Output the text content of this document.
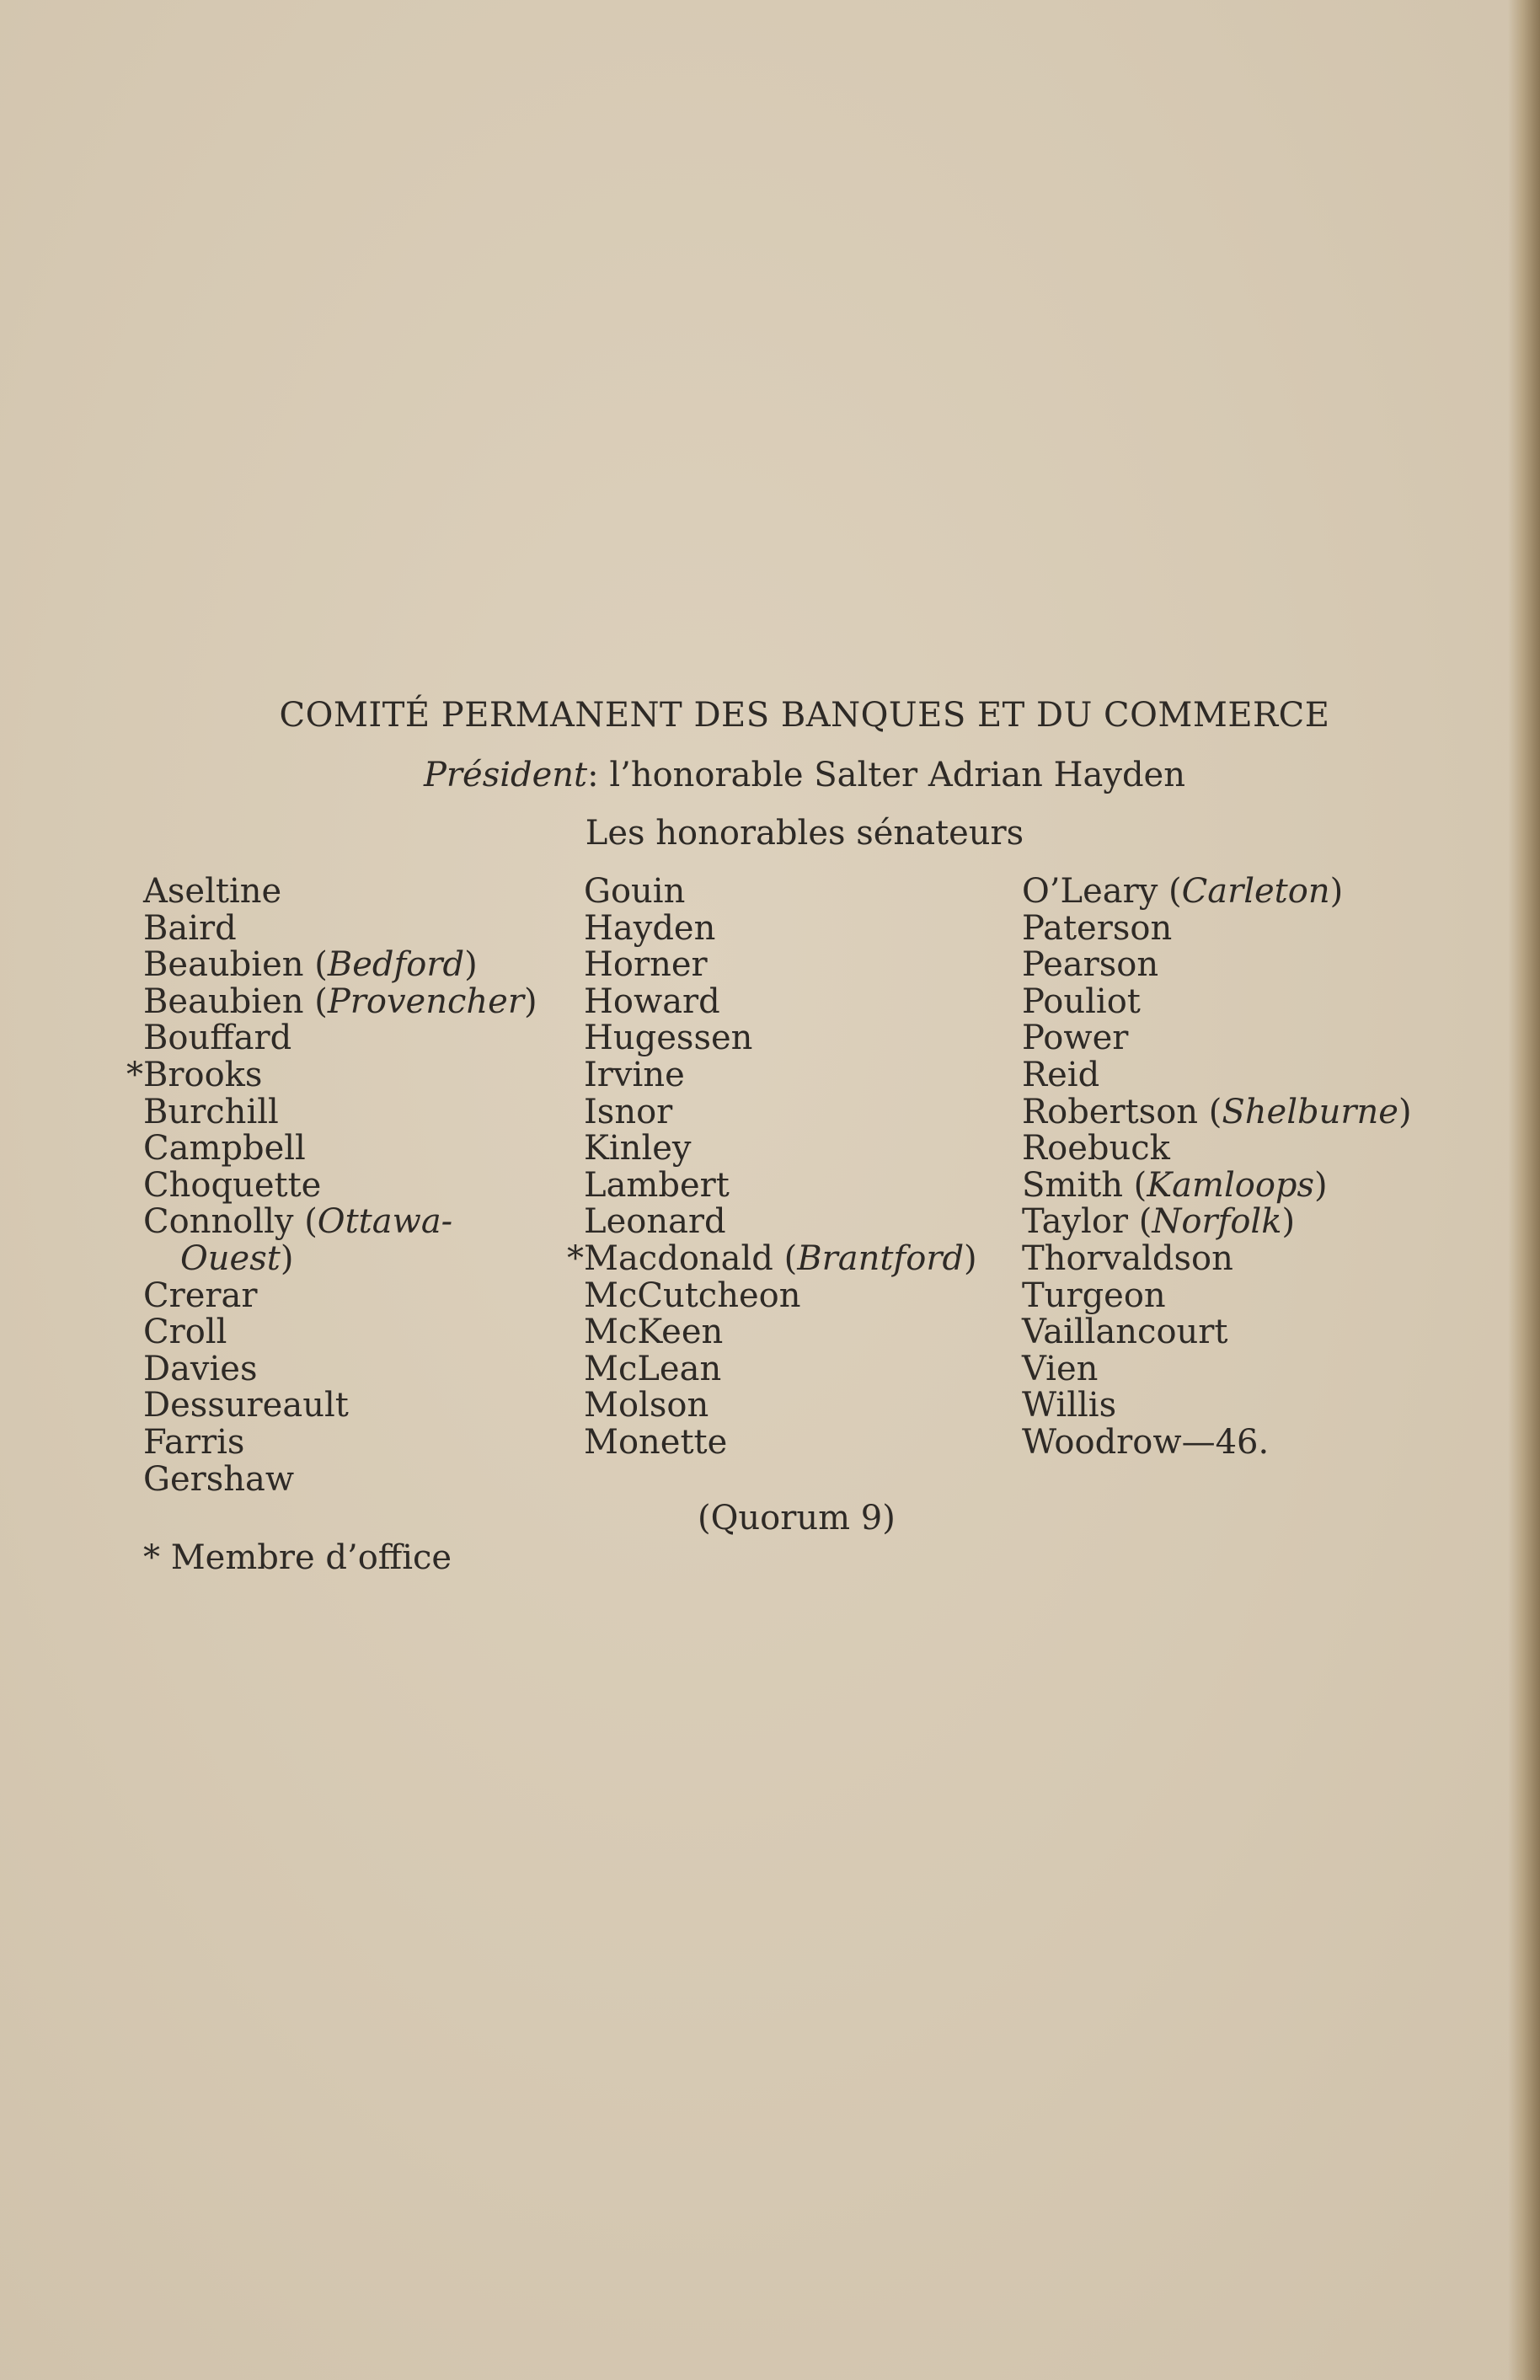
COMITÉ PERMANENT DES BANQUES ET DU COMMERCE
Président: l’honorable Salter Adrian Hayden
Les honorables sénateurs
Aseltine
Baird
Beaubien (Bedford)
Beaubien (Provencher)
Bouffard
*Brooks
Burchill
Campbell
Choquette
Connolly (Ottawa-
Ouest)
Crerar
Croll
Davies
Dessureault
Farris
Gershaw
Gouin
Hayden
Horner
Howard
Hugessen
Irvine
Isnor
Kinley
Lambert
Leonard
*Macdonald (Brantford)
McCutcheon
McKeen
McLean
Molson
Monette
O’Leary (Carleton)
Paterson
Pearson
Pouliot
Power
Reid
Robertson (Shelburne)
Roebuck
Smith (Kamloops)
Taylor (Norfolk)
Thorvaldson
Turgeon
Vaillancourt
Vien
Willis
Woodrow—46.
(Quorum 9)
* Membre d’office
